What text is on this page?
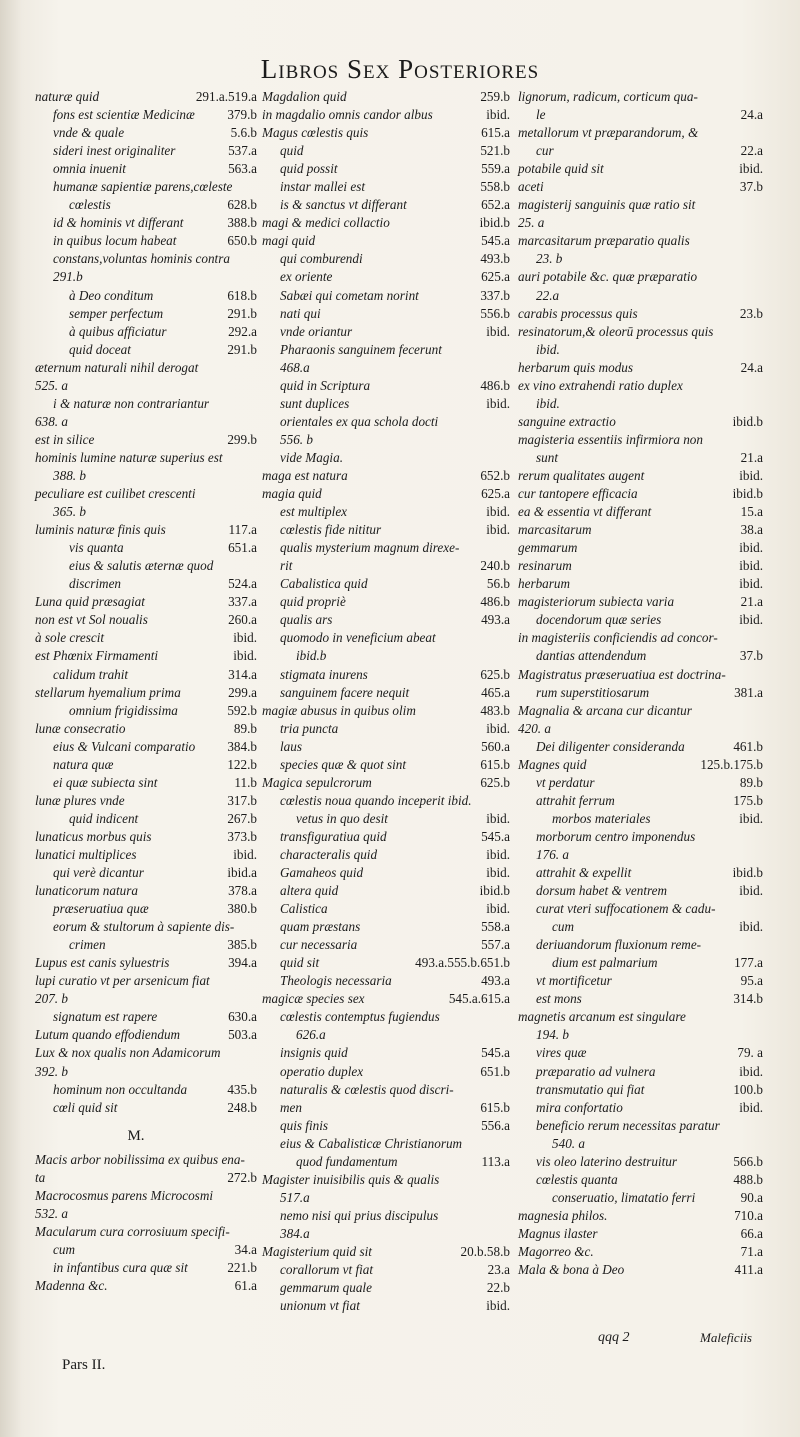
Libros Sex Posteriores
naturæ quid	291.a.519.a
fons est scientiæ Medicinæ 379.b
vnde & quale	5.6.b
sideri inest originaliter	537.a
omnia inuenit	563.a
humanæ sapientiæ parens,cœleste
cœlestis	628.b
id & hominis vt differant	388.b
in quibus locum habeat	650.b
constans,voluntas hominis contra
291.b
à Deo conditum	618.b
semper perfectum	291.b
à quibus afficiatur	292.a
quid doceat	291.b
æternum naturali nihil derogat
525. a
i & naturæ non contrariantur
638. a
est in silice	299.b
hominis lumine naturæ superius est
388. b
peculiare est cuilibet crescenti
365. b
luminis naturæ finis quis	117.a
vis quanta	651.a
eius & salutis æternæ quod
discrimen	524.a
Luna quid præsagiat	337.a
non est vt Sol noualis	260.a
à sole crescit	ibid.
est Phœnix Firmamenti	ibid.
calidum trahit	314.a
stellarum hyemalium prima	299.a
omnium frigidissima	592.b
lunæ consecratio	89.b
eius & Vulcani comparatio 384.b
natura quæ	122.b
ei quæ subiecta sint	11.b
lunæ plures vnde	317.b
quid indicent	267.b
lunaticus morbus quis	373.b
lunatici multiplices	ibid.
qui verè dicantur	ibid.a
lunaticorum natura	378.a
præseruatiua quæ	380.b
eorum & stultorum à sapiente dis-
crimen	385.b
Lupus est canis syluestris	394.a
lupi curatio vt per arsenicum fiat
207. b
signatum est rapere	630.a
Lutum quando effodiendum	503.a
Lux & nox qualis non Adamicorum
392. b
hominum non occultanda	435.b
cœli quid sit	248.b
M.
Macis arbor nobilissima ex quibus ena-
ta	272.b
Macrocosmus parens Microcosmi
532. a
Macularum cura corrosiuum specifi-
cum	34.a
in infantibus cura quæ sit	221.b
Madenna &c.	61.a
Magdalion quid	259.b
in magdalio omnis candor albus	ibid.
Magus cœlestis quis	615.a
quid	521.b
quid possit	559.a
instar mallei est	558.b
is & sanctus vt differant	652.a
magi & medici collactio	ibid.b
magi quid	545.a
qui comburendi	493.b
ex oriente	625.a
Sabæi qui cometam norint	337.b
nati qui	556.b
vnde oriantur	ibid.
Pharaonis sanguinem fecerunt
468.a
quid in Scriptura	486.b
sunt duplices	ibid.
orientales ex qua schola docti
556. b
vide Magia.
maga est natura	652.b
magia quid	625.a
est multiplex	ibid.
cœlestis fide nititur	ibid.
qualis mysterium magnum direxe-
rit	240.b
Cabalistica quid	56.b
quid propriè	486.b
qualis ars	493.a
quomodo in veneficium abeat
ibid.b
stigmata inurens	625.b
sanguinem facere nequit	465.a
magiæ abusus in quibus olim	483.b
tria puncta	ibid.
laus	560.a
species quæ & quot sint	615.b
Magica sepulcrorum	625.b
cœlestis noua quando inceperit ibid.
vetus in quo desit	ibid.
transfiguratiua quid	545.a
characteralis quid	ibid.
Gamaheos quid	ibid.
altera quid	ibid.b
Calistica	ibid.
quam præstans	558.a
cur necessaria	557.a
quid sit	493.a.555.b.651.b
Theologis necessaria	493.a
magicæ species sex	545.a.615.a
cœlestis contemptus fugiendus
626.a
insignis quid	545.a
operatio duplex	651.b
naturalis & cœlestis quod discri-
men	615.b
quis finis	556.a
eius & Cabalisticæ Christianorum
quod fundamentum	113.a
Magister inuisibilis quis & qualis
517.a
nemo nisi qui prius discipulus
384.a
Magisterium quid sit	20.b.58.b
corallorum vt fiat	23.a
gemmarum quale	22.b
unionum vt fiat	ibid.
lignorum, radicum, corticum qua-
le	24.a
metallorum vt præparandorum, &
cur	22.a
potabile quid sit	ibid.
aceti	37.b
magisterij sanguinis quæ ratio sit
25. a
marcasitarum præparatio qualis
23. b
auri potabile &c. quæ præparatio
22.a
carabis processus quis	23.b
resinatorum,& oleorū processus quis
ibid.
herbarum quis modus	24.a
ex vino extrahendi ratio duplex
ibid.
sanguine extractio	ibid.b
magisteria essentiis infirmiora non
sunt	21.a
rerum qualitates augent	ibid.
cur tantopere efficacia	ibid.b
ea & essentia vt differant	15.a
marcasitarum	38.a
gemmarum	ibid.
resinarum	ibid.
herbarum	ibid.
magisteriorum subiecta varia	21.a
docendorum quæ series	ibid.
in magisteriis conficiendis ad concor-
dantias attendendum	37.b
Magistratus præseruatiua est doctrina-
rum superstitiosarum	381.a
Magnalia & arcana cur dicantur
420. a
Dei diligenter consideranda	461.b
Magnes quid	125.b.175.b
vt perdatur	89.b
attrahit ferrum	175.b
morbos materiales	ibid.
morborum centro imponendus
176. a
attrahit & expellit	ibid.b
dorsum habet & ventrem	ibid.
curat vteri suffocationem & cadu-
cum	ibid.
deriuandorum fluxionum reme-
dium est palmarium	177.a
vt mortificetur	95.a
est mons	314.b
magnetis arcanum est singulare
194. b
vires quæ	79. a
præparatio ad vulnera	ibid.
transmutatio qui fiat	100.b
mira confortatio	ibid.
beneficio rerum necessitas paratur
540. a
vis oleo laterino destruitur	566.b
cœlestis quanta	488.b
conseruatio, limatatio ferri	90.a
magnesia philos.	710.a
Magnus ilaster	66.a
Magorreo &c.	71.a
Mala & bona à Deo	411.a
Pars II.
qqq 2	Maleficiis
